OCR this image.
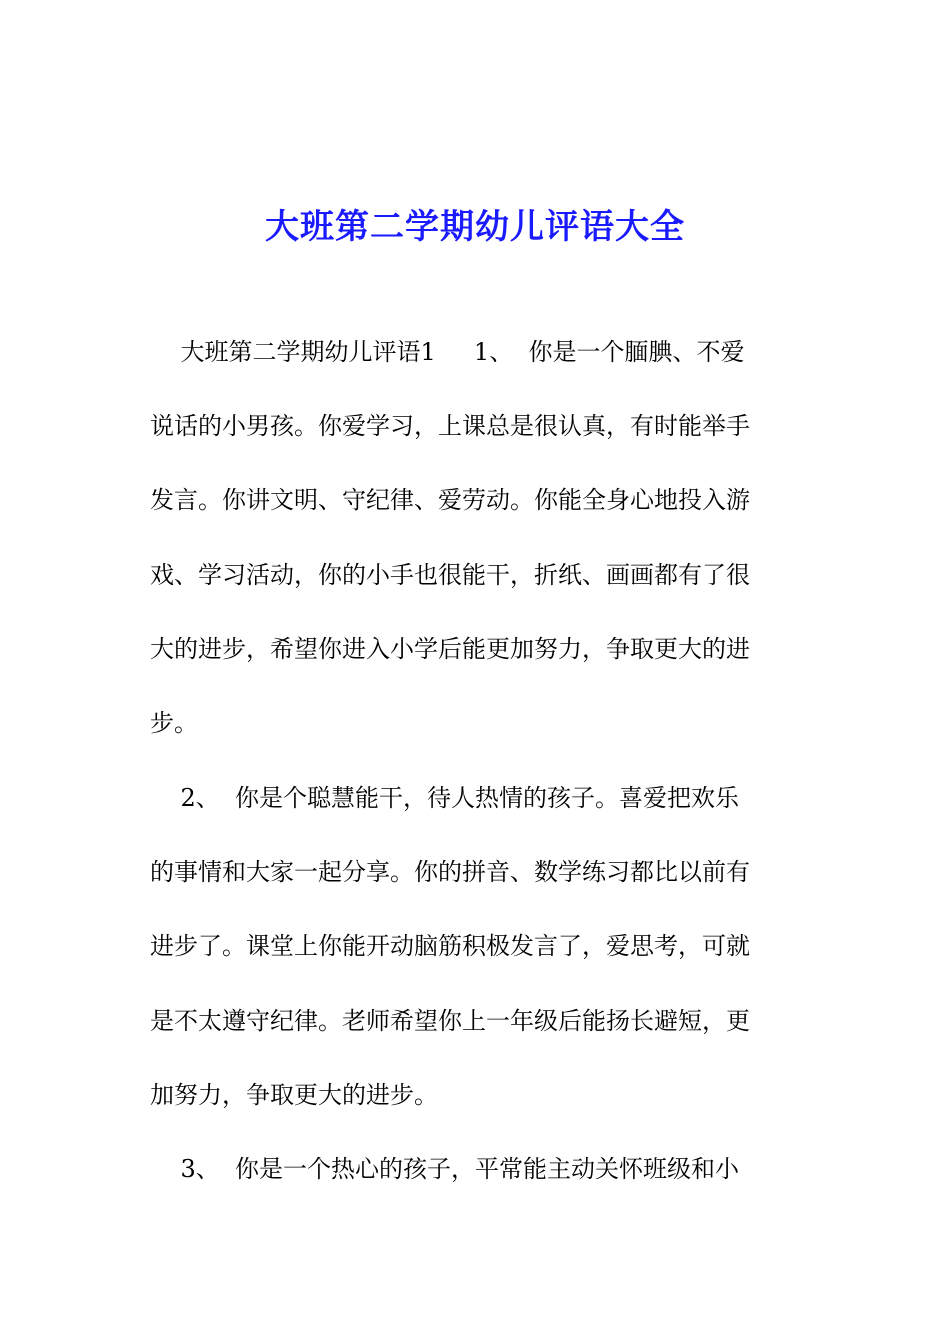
大班第二学期幼儿评语大全
大班第二学期幼儿评语1     1、  你是一个腼腆、不爱
说话的小男孩。你爱学习，上课总是很认真，有时能举手
发言。你讲文明、守纪律、爱劳动。你能全身心地投入游
戏、学习活动，你的小手也很能干，折纸、画画都有了很
大的进步，希望你进入小学后能更加努力，争取更大的进
步。
2、  你是个聪慧能干，待人热情的孩子。喜爱把欢乐
的事情和大家一起分享。你的拼音、数学练习都比以前有
进步了。课堂上你能开动脑筋积极发言了，爱思考，可就
是不太遵守纪律。老师希望你上一年级后能扬长避短，更
加努力，争取更大的进步。
3、  你是一个热心的孩子，平常能主动关怀班级和小
